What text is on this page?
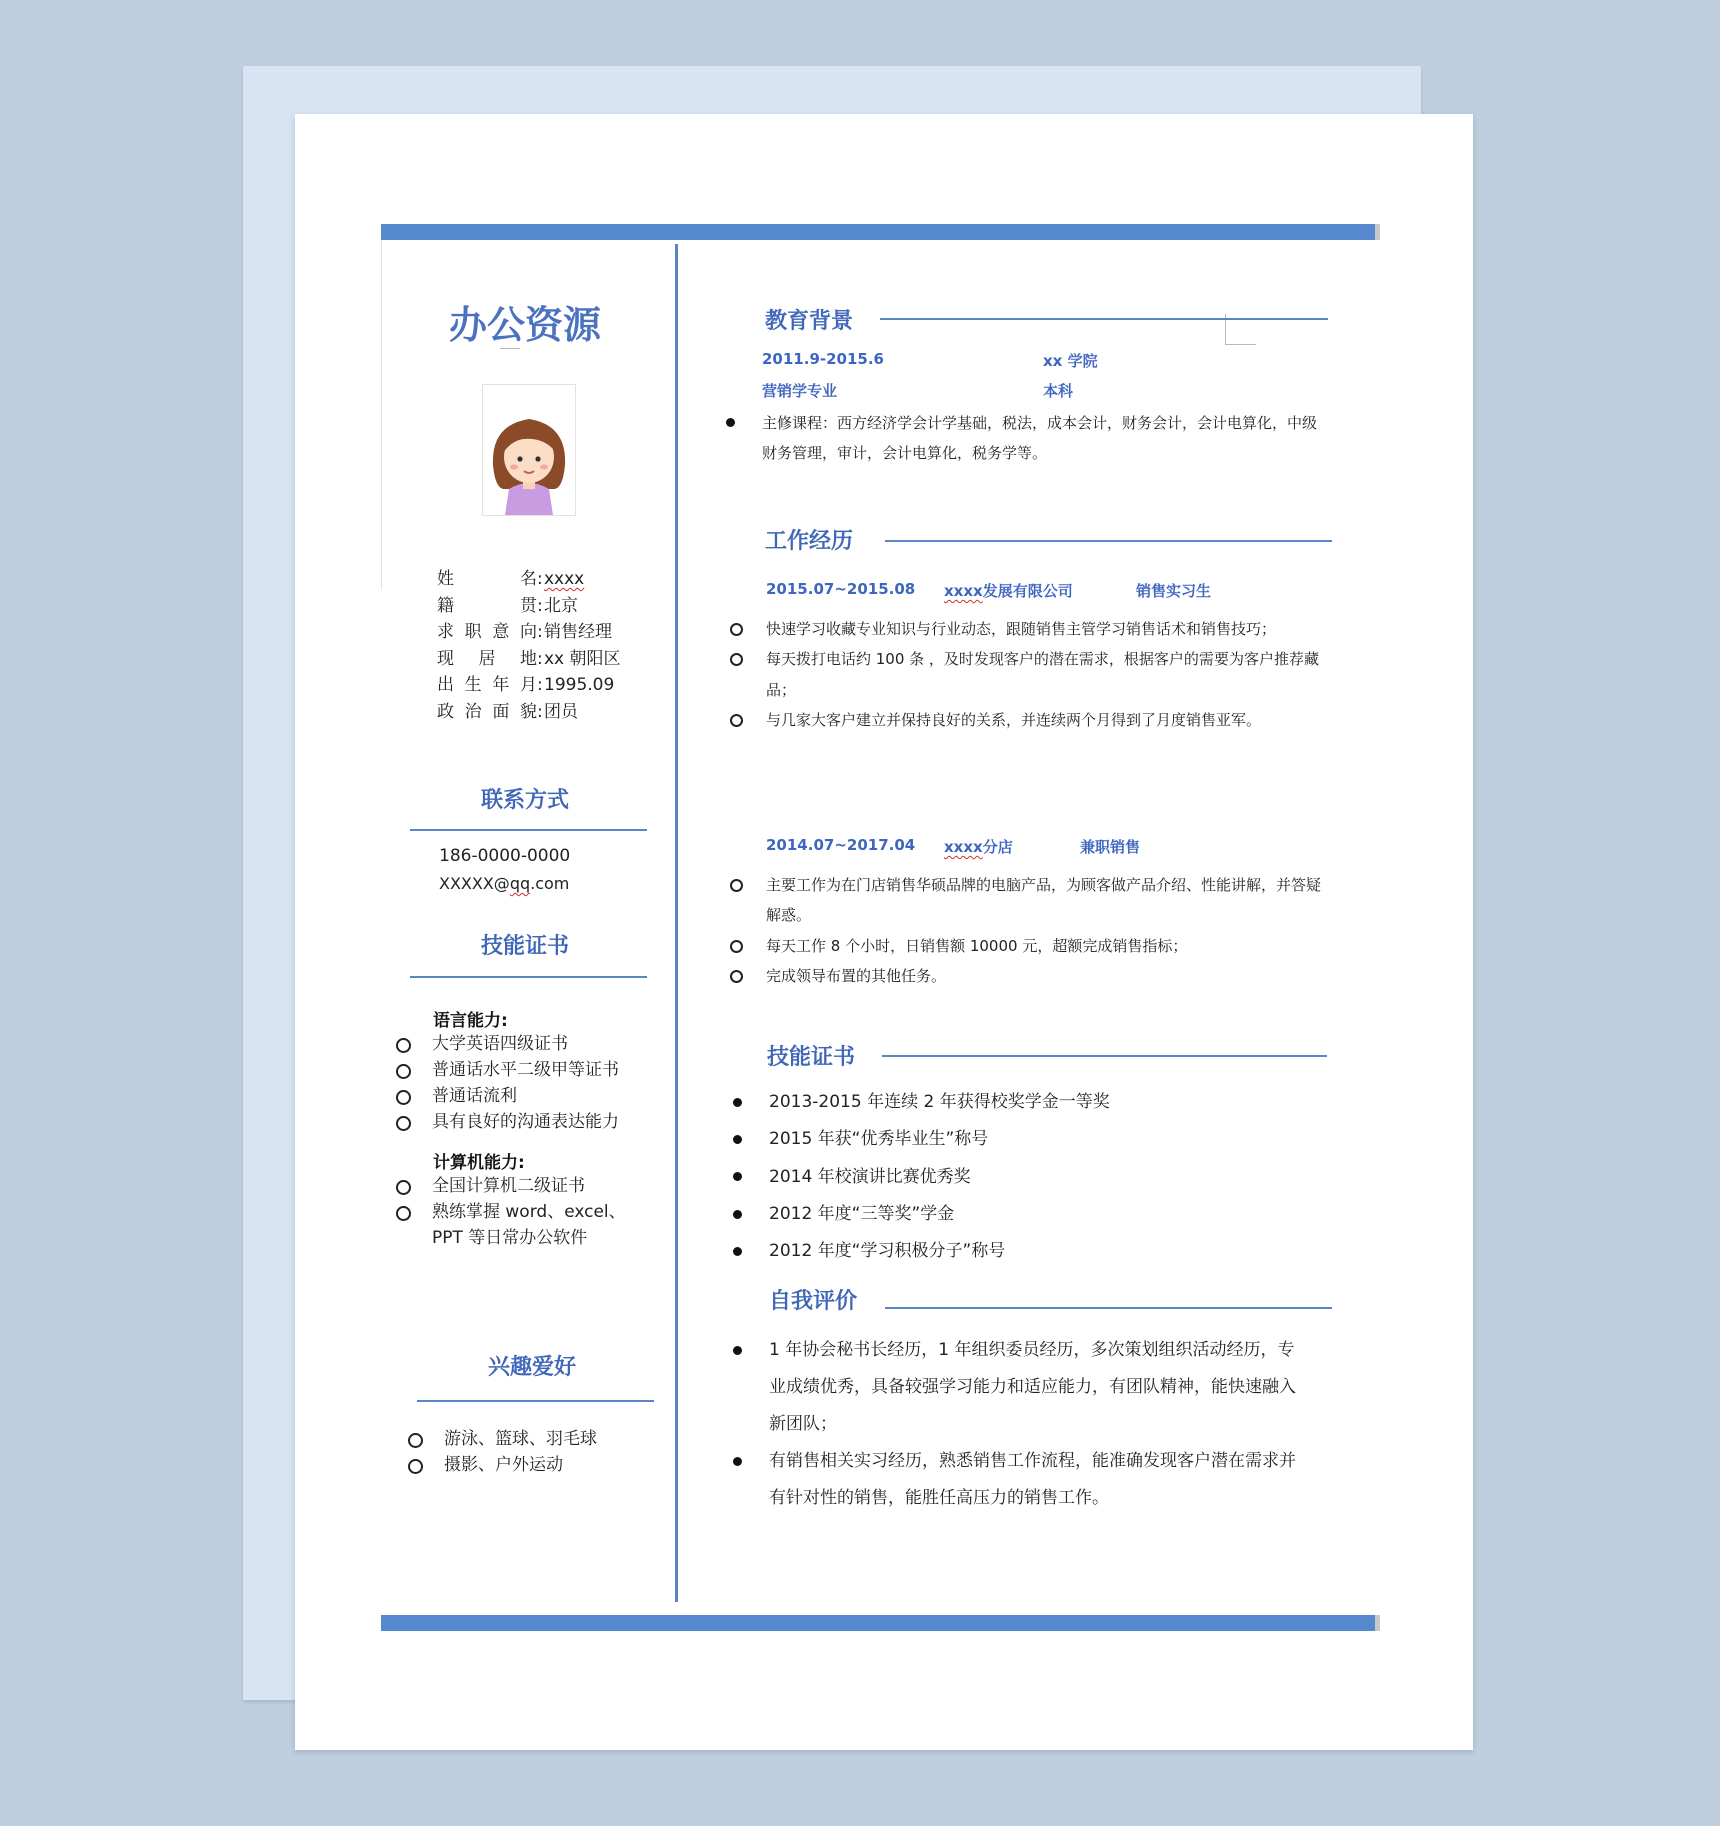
办公资源
姓名:xxxx
籍贯:北京
求职意向:销售经理
现居地:xx 朝阳区
出生年月:1995.09
政治面貌:团员
联系方式
186-0000-0000
XXXXX@qq.com
技能证书
语言能力:
大学英语四级证书
普通话水平二级甲等证书
普通话流利
具有良好的沟通表达能力
计算机能力:
全国计算机二级证书
熟练掌握 word、excel、PPT 等日常办公软件
兴趣爱好
游泳、篮球、羽毛球
摄影、户外运动
教育背景
2011.9-2015.6	xx 学院
营销学专业	本科
主修课程：西方经济学会计学基础，税法，成本会计，财务会计，会计电算化，中级财务管理，审计，会计电算化，税务学等。
工作经历
2015.07~2015.08 xxxx发展有限公司	销售实习生
快速学习收藏专业知识与行业动态，跟随销售主管学习销售话术和销售技巧；
每天拨打电话约 100 条 ，及时发现客户的潜在需求，根据客户的需要为客户推荐藏品；
与几家大客户建立并保持良好的关系，并连续两个月得到了月度销售亚军。
2014.07~2017.04 xxxx分店	兼职销售
主要工作为在门店销售华硕品牌的电脑产品，为顾客做产品介绍、性能讲解，并答疑解惑。
每天工作 8 个小时，日销售额 10000 元，超额完成销售指标；
完成领导布置的其他任务。
技能证书
2013-2015 年连续 2 年获得校奖学金一等奖
2015 年获“优秀毕业生”称号
2014 年校演讲比赛优秀奖
2012 年度“三等奖”学金
2012 年度“学习积极分子”称号
自我评价
1 年协会秘书长经历，1 年组织委员经历，多次策划组织活动经历，专业成绩优秀，具备较强学习能力和适应能力，有团队精神，能快速融入新团队；
有销售相关实习经历，熟悉销售工作流程，能准确发现客户潜在需求并有针对性的销售，能胜任高压力的销售工作。
